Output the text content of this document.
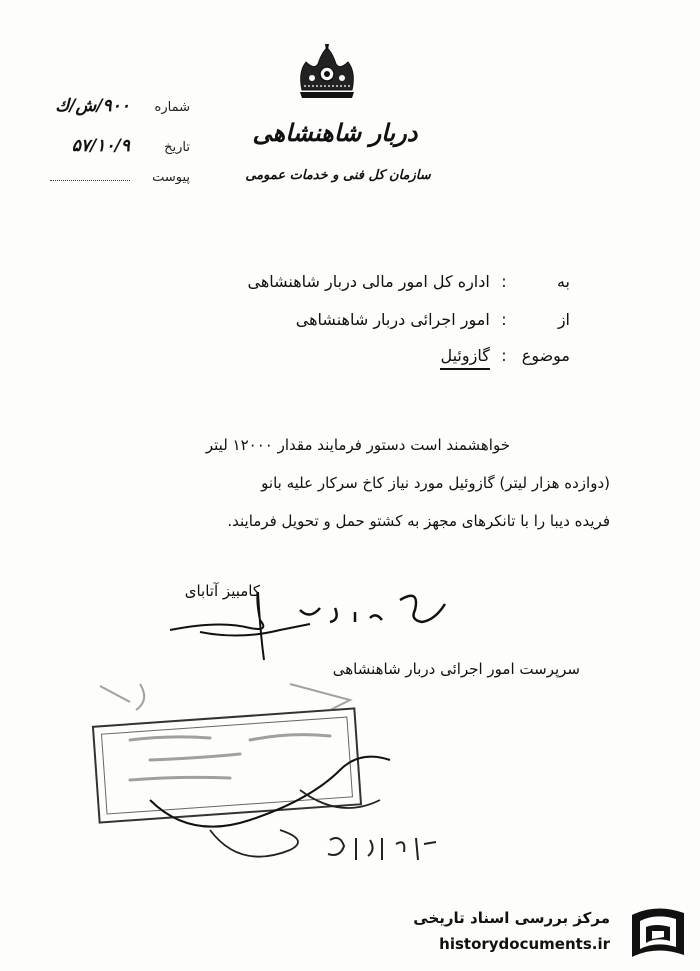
دربار شاهنشاهی
سازمان کل فنی و خدمات عمومی
شماره ۹۰۰/ش/ك
تاریخ ۵۷/۱۰/۹
پیوست
به : اداره کل امور مالی دربار شاهنشاهی
از : امور اجرائی دربار شاهنشاهی
موضوع : گازوئیل
خواهشمند است دستور فرمایند مقدار ۱۲۰۰۰ لیتر
(دوازده هزار لیتر) گازوئیل مورد نیاز کاخ سرکار علیه بانو
فریده دیبا را با تانکرهای مجهز به کشتو حمل و تحویل فرمایند.
کامبیز آتابای
سرپرست امور اجرائی دربار شاهنشاهی
مرکز بررسی اسناد تاریخی
historydocuments.ir
